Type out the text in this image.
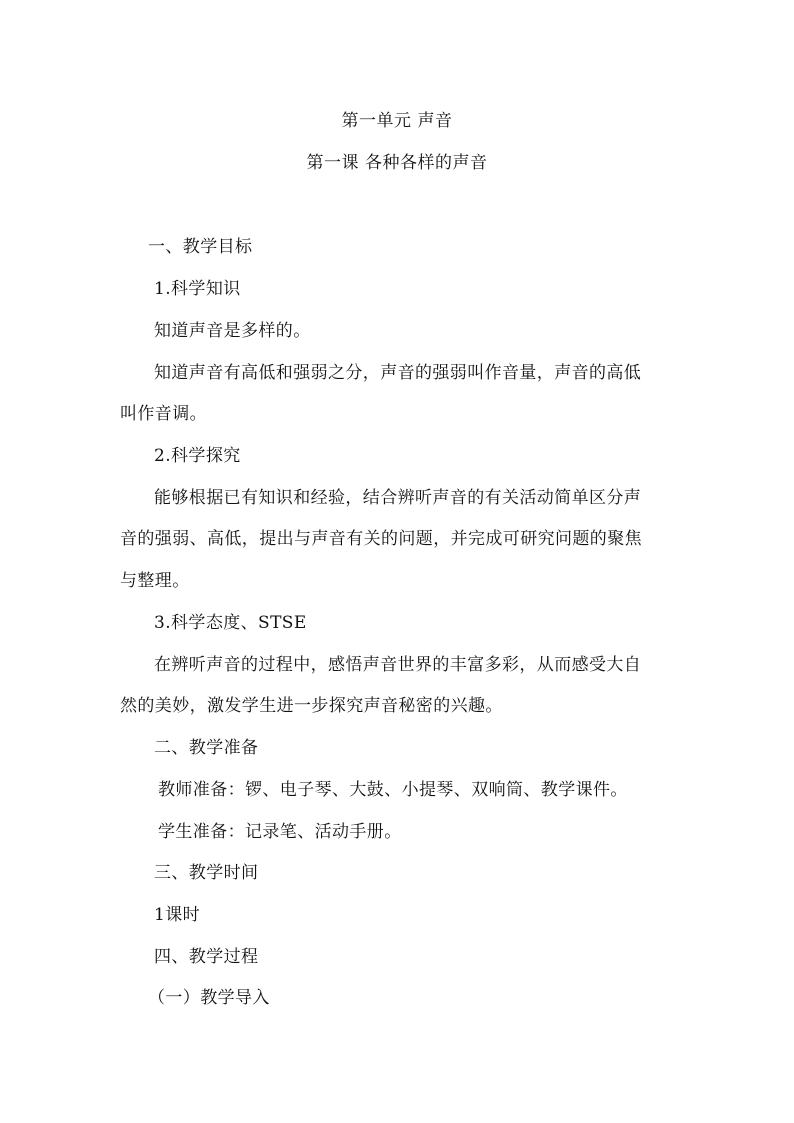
第一单元 声音
第一课 各种各样的声音
一、教学目标
1.科学知识
知道声音是多样的。
知道声音有高低和强弱之分，声音的强弱叫作音量，声音的高低
叫作音调。
2.科学探究
能够根据已有知识和经验，结合辨听声音的有关活动简单区分声
音的强弱、高低，提出与声音有关的问题，并完成可研究问题的聚焦
与整理。
3.科学态度、STSE
在辨听声音的过程中，感悟声音世界的丰富多彩，从而感受大自
然的美妙，激发学生进一步探究声音秘密的兴趣。
二、教学准备
教师准备：锣、电子琴、大鼓、小提琴、双响筒、教学课件。
学生准备：记录笔、活动手册。
三、教学时间
1课时
四、教学过程
（一）教学导入
